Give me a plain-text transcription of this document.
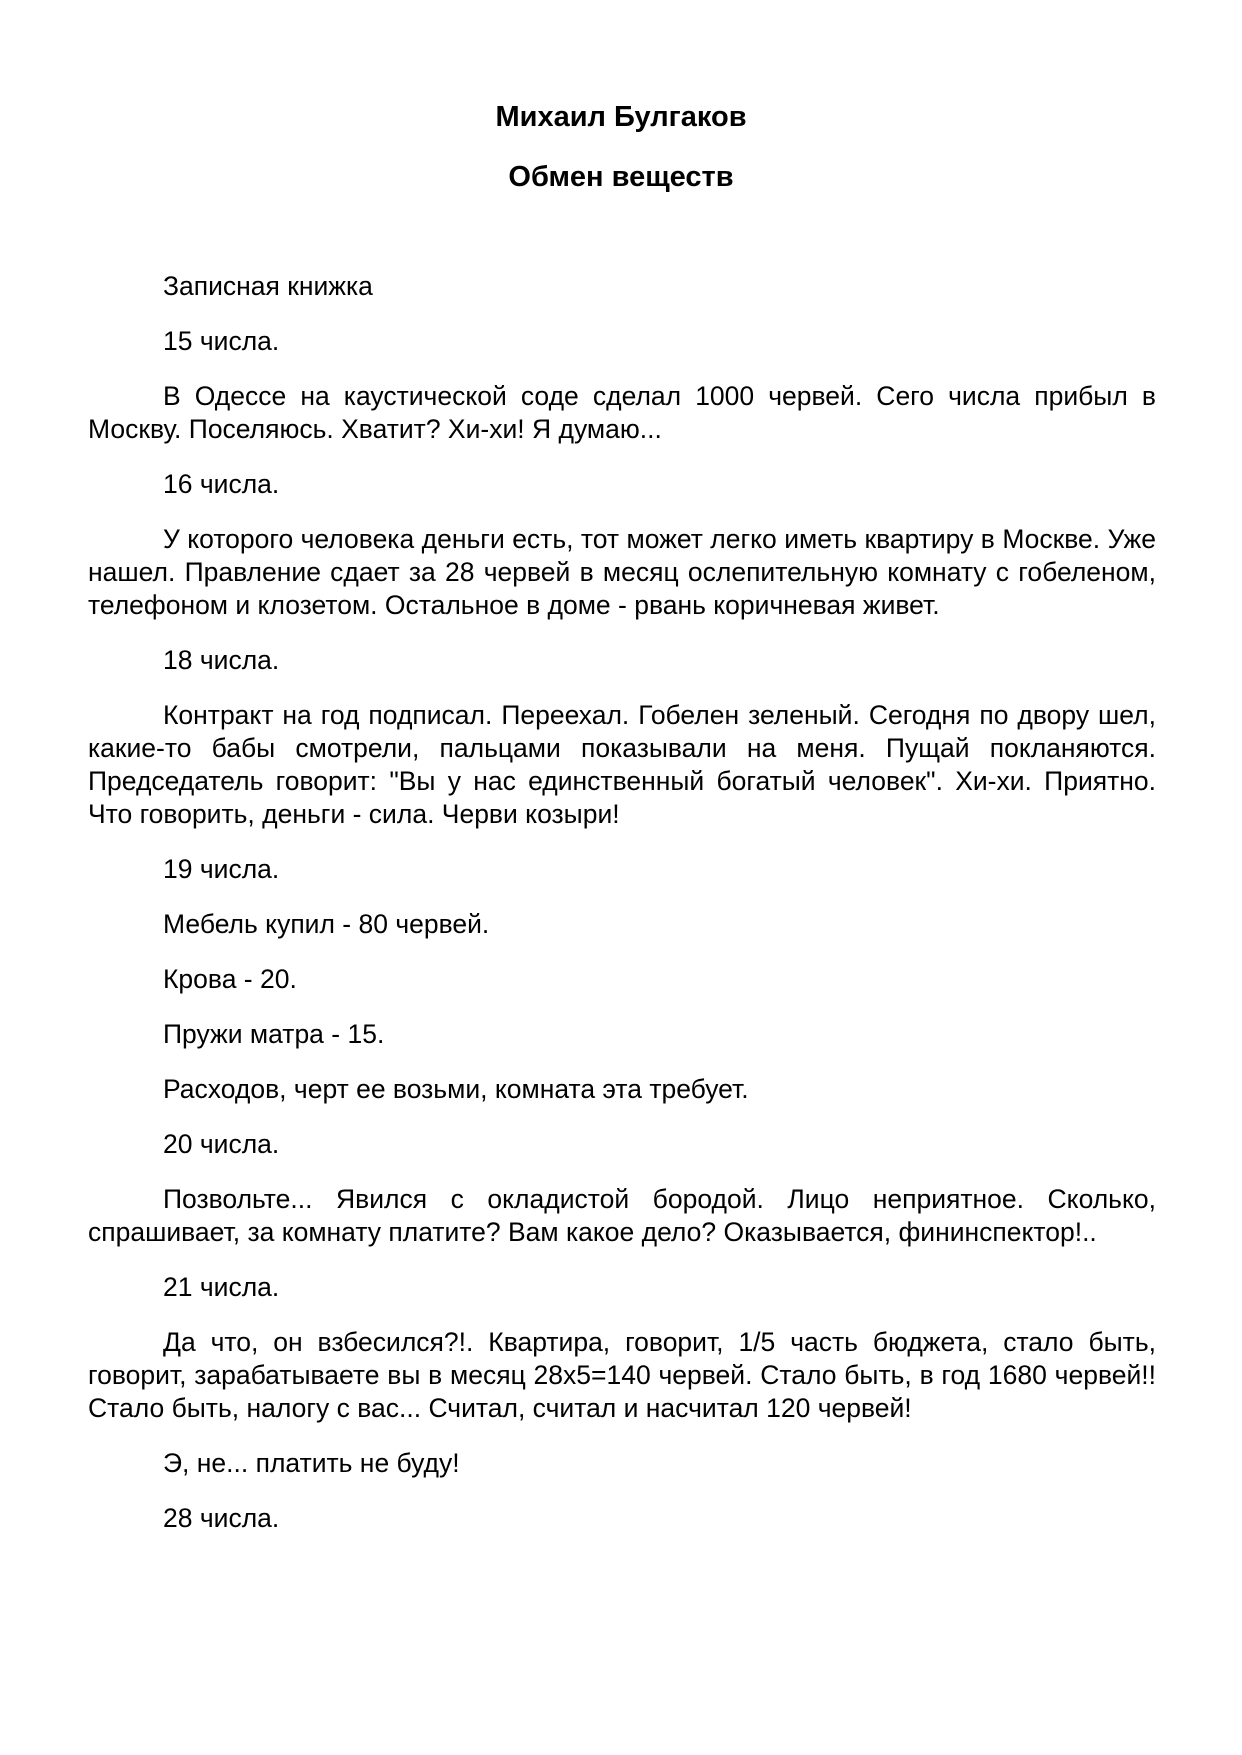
Михаил Булгаков
Обмен веществ

Записная книжка

15 числа.

В Одессе на каустической соде сделал 1000 червей. Сего числа прибыл в Москву. Поселяюсь. Хватит? Хи-хи! Я думаю...

16 числа.

У которого человека деньги есть, тот может легко иметь квартиру в Москве. Уже нашел. Правление сдает за 28 червей в месяц ослепительную комнату с гобеленом, телефоном и клозетом. Остальное в доме - рвань коричневая живет.

18 числа.

Контракт на год подписал. Переехал. Гобелен зеленый. Сегодня по двору шел, какие-то бабы смотрели, пальцами показывали на меня. Пущай покланяются. Председатель говорит: "Вы у нас единственный богатый человек". Хи-хи. Приятно. Что говорить, деньги - сила. Черви козыри!

19 числа.

Мебель купил - 80 червей.

Крова - 20.

Пружи матра - 15.

Расходов, черт ее возьми, комната эта требует.

20 числа.

Позвольте... Явился с окладистой бородой. Лицо неприятное. Сколько, спрашивает, за комнату платите? Вам какое дело? Оказывается, фининспектор!..

21 числа.

Да что, он взбесился?!. Квартира, говорит, 1/5 часть бюджета, стало быть, говорит, зарабатываете вы в месяц 28х5=140 червей. Стало быть, в год 1680 червей!! Стало быть, налогу с вас... Считал, считал и насчитал 120 червей!

Э, не... платить не буду!

28 числа.
